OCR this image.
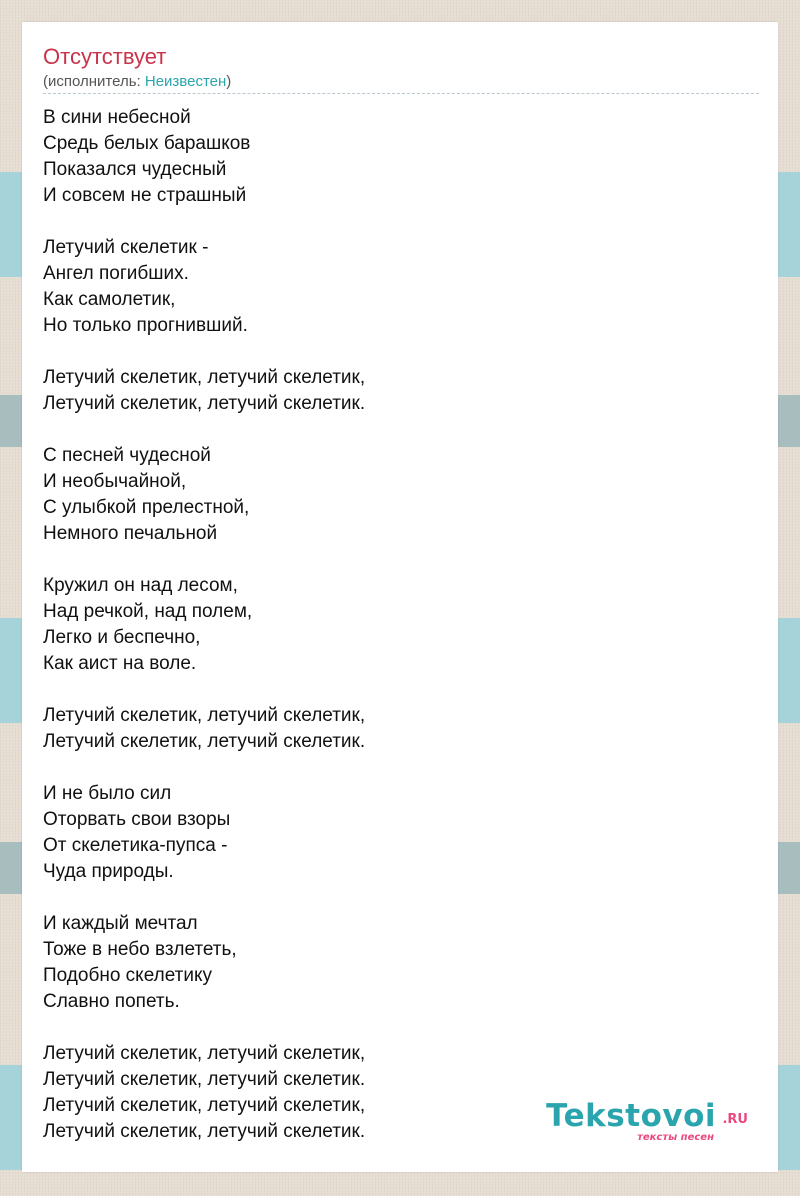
Отсутствует
(исполнитель: Неизвестен)
В сини небесной
Средь белых барашков
Показался чудесный
И совсем не страшный
Летучий скелетик -
Ангел погибших.
Как самолетик,
Но только прогнивший.
Летучий скелетик, летучий скелетик,
Летучий скелетик, летучий скелетик.
С песней чудесной
И необычайной,
С улыбкой прелестной,
Немного печальной
Кружил он над лесом,
Над речкой, над полем,
Легко и беспечно,
Как аист на воле.
Летучий скелетик, летучий скелетик,
Летучий скелетик, летучий скелетик.
И не было сил
Оторвать свои взоры
От скелетика-пупса -
Чуда природы.
И каждый мечтал
Тоже в небо взлететь,
Подобно скелетику
Славно попеть.
Летучий скелетик, летучий скелетик,
Летучий скелетик, летучий скелетик.
Летучий скелетик, летучий скелетик,
Летучий скелетик, летучий скелетик.	Tekstovoi .RU
тексты песен
